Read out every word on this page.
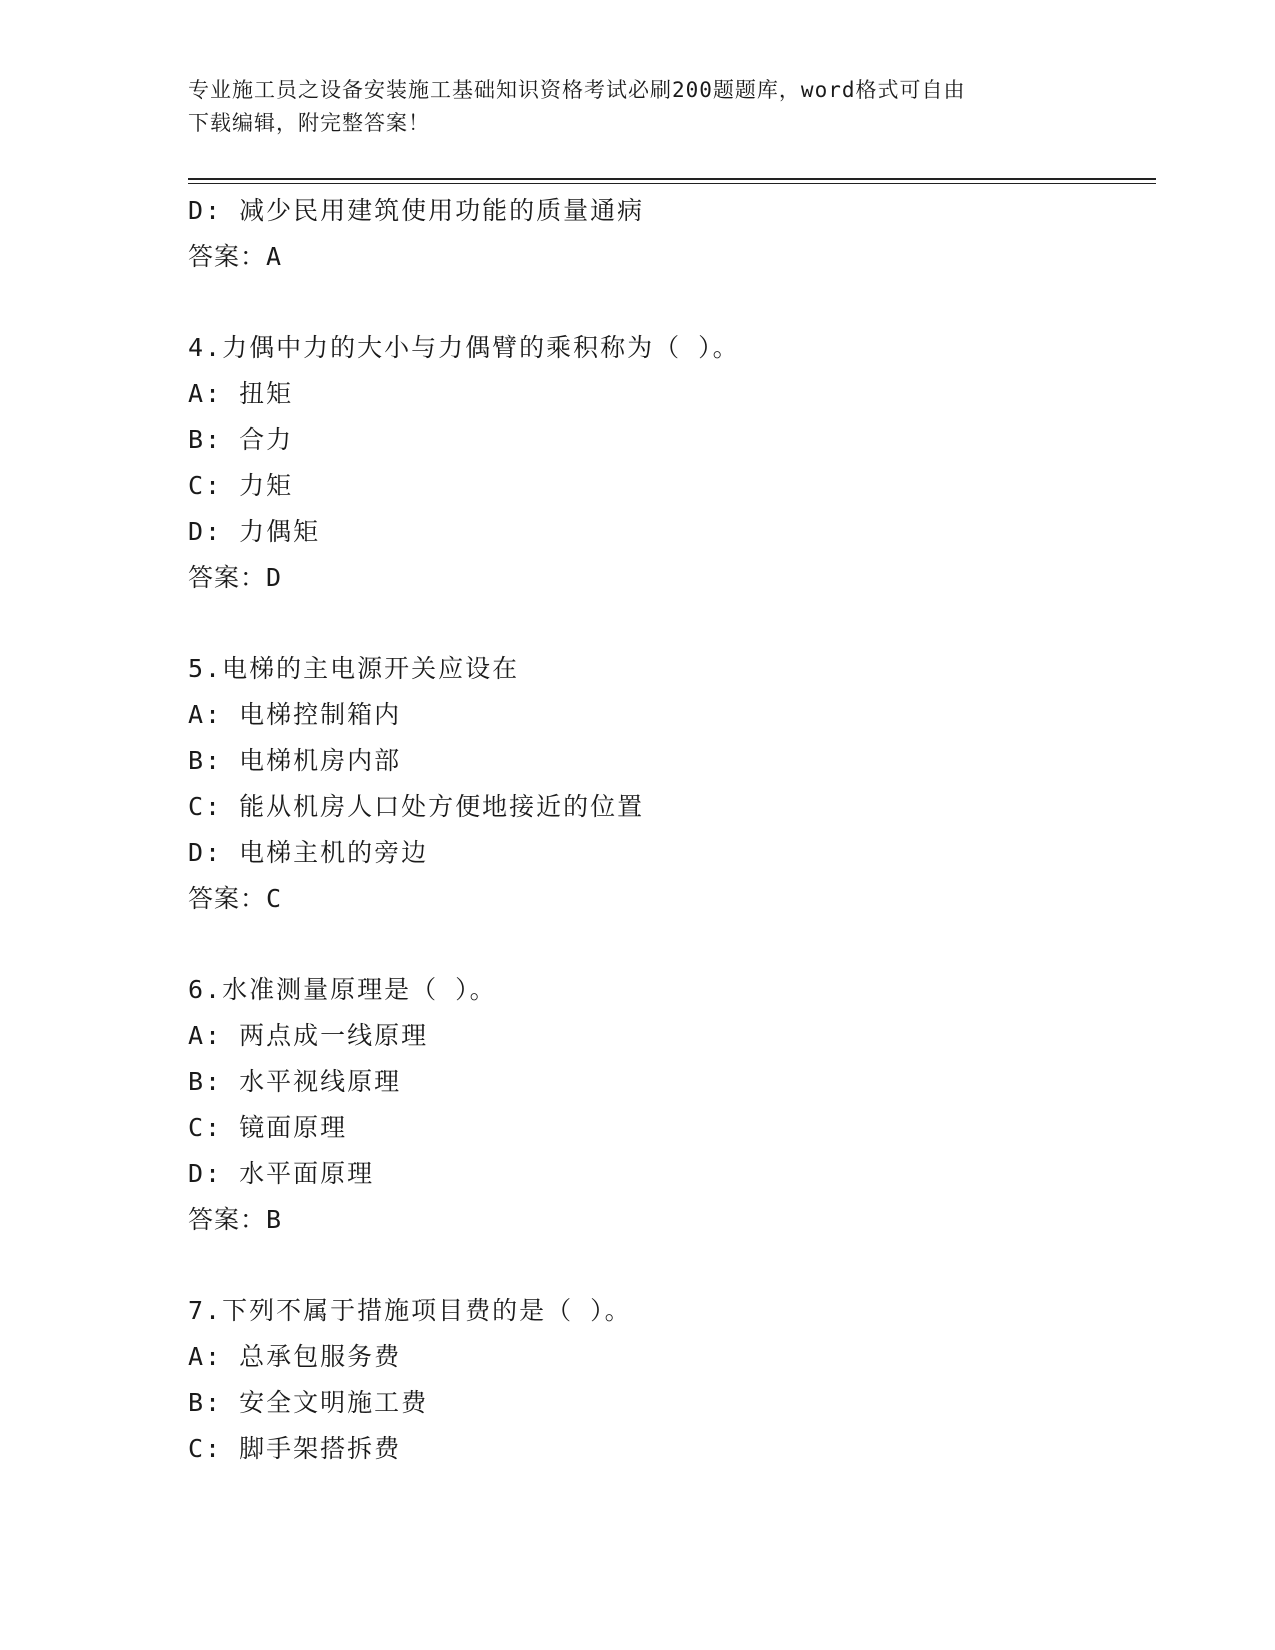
专业施工员之设备安装施工基础知识资格考试必刷200题题库，word格式可自由
下载编辑，附完整答案！
D: 减少民用建筑使用功能的质量通病
答案：A
4.力偶中力的大小与力偶臂的乘积称为（ ）。
A: 扭矩
B: 合力
C: 力矩
D: 力偶矩
答案：D
5.电梯的主电源开关应设在
A: 电梯控制箱内
B: 电梯机房内部
C: 能从机房人口处方便地接近的位置
D: 电梯主机的旁边
答案：C
6.水准测量原理是（ ）。
A: 两点成一线原理
B: 水平视线原理
C: 镜面原理
D: 水平面原理
答案：B
7.下列不属于措施项目费的是（ ）。
A: 总承包服务费
B: 安全文明施工费
C: 脚手架搭拆费
